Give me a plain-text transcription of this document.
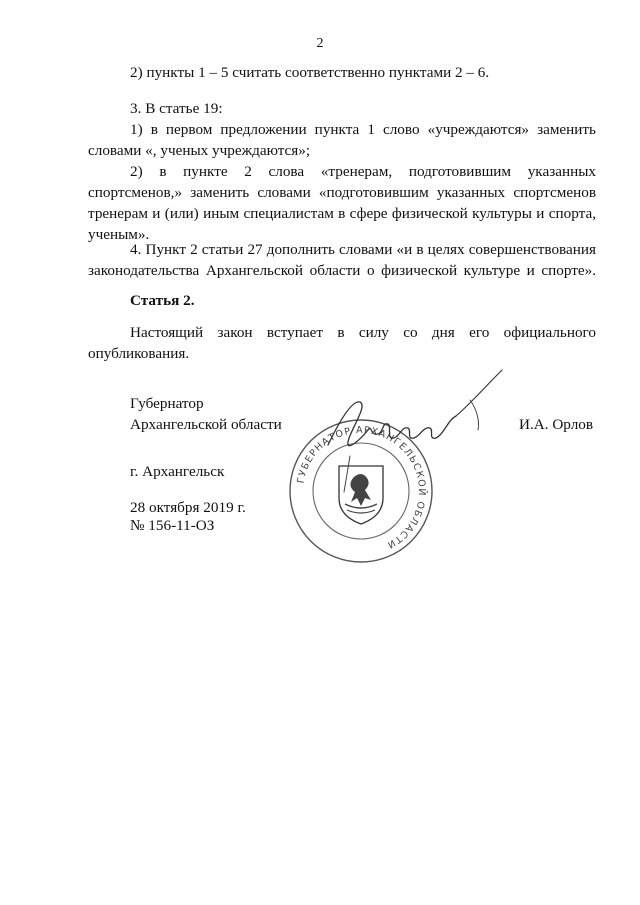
2
2) пункты 1 – 5 считать соответственно пунктами 2 – 6.
3. В статье 19:
1) в первом предложении пункта 1 слово «учреждаются» заменить
словами «, ученых учреждаются»;
2) в пункте 2 слова «тренерам, подготовившим указанных
спортсменов,» заменить словами «подготовившим указанных спортсменов
тренерам и (или) иным специалистам в сфере физической культуры и спорта,
ученым».
4. Пункт 2 статьи 27 дополнить словами «и в целях совершенствования
законодательства Архангельской области о физической культуре и спорте».
Статья 2.
Настоящий закон вступает в силу со дня его официального
опубликования.
Губернатор
Архангельской области	И.А. Орлов
г. Архангельск
28 октября 2019 г.
№ 156-11-ОЗ
ГУБЕРНАТОР АРХАНГЕЛЬСКОЙ ОБЛАСТИ
